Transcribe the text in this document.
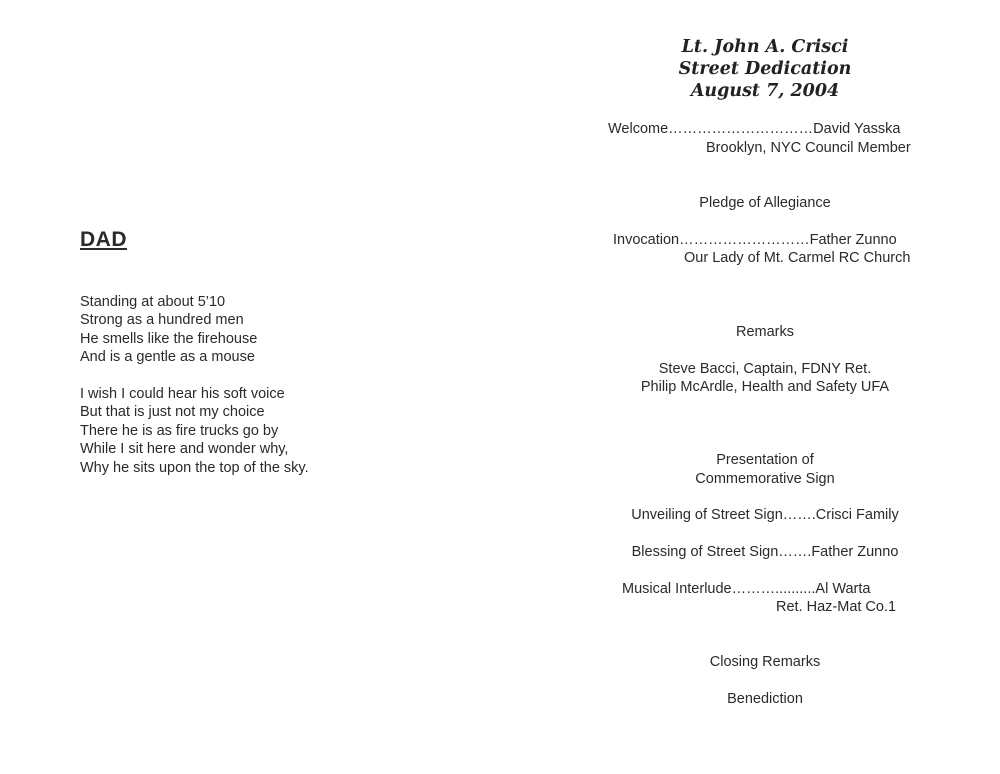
DAD
Standing at about 5’10
Strong as a hundred men
He smells like the firehouse
And is a gentle as a mouse
I wish I could hear his soft voice
But that is just not my choice
There he is as fire trucks go by
While I sit here and wonder why,
Why he sits upon the top of the sky.
Lt. John A. Crisci
Street Dedication
August 7, 2004
Welcome…………………………David Yasska
Brooklyn, NYC Council Member
Pledge of Allegiance
Invocation………………………Father Zunno
Our Lady of Mt. Carmel RC Church
Remarks
Steve Bacci, Captain, FDNY Ret.
Philip McArdle, Health and Safety UFA
Presentation of
Commemorative Sign
Unveiling of Street Sign…….Crisci Family
Blessing of Street Sign…….Father Zunno
Musical Interlude………..........Al Warta
Ret. Haz-Mat Co.1
Closing Remarks
Benediction
